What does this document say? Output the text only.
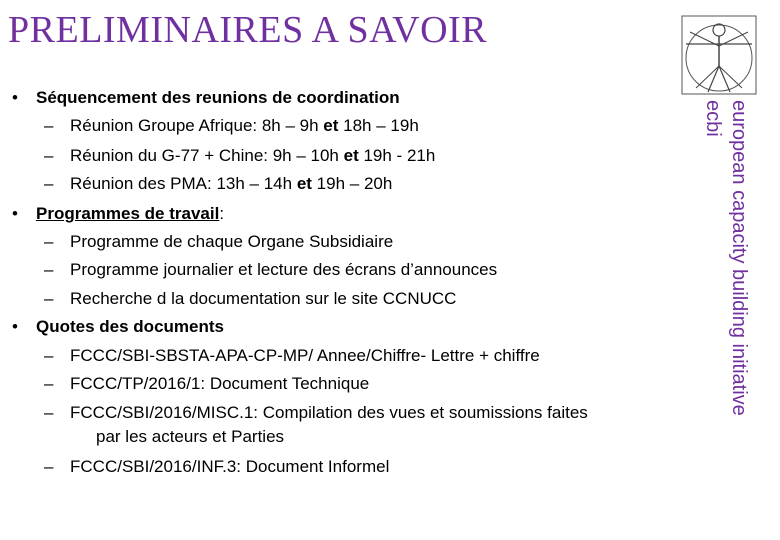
PRELIMINAIRES A SAVOIR
european capacity building initiative
ecbi
• Séquencement des reunions de coordination
– Réunion Groupe Afrique: 8h – 9h et 18h – 19h
– Réunion du G-77 + Chine: 9h – 10h et 19h - 21h
– Réunion des PMA: 13h – 14h et 19h – 20h
• Programmes de travail:
– Programme de chaque Organe Subsidiaire
– Programme journalier et lecture des écrans d’announces
– Recherche d la documentation sur le site CCNUCC
• Quotes des documents
– FCCC/SBI-SBSTA-APA-CP-MP/ Annee/Chiffre- Lettre + chiffre
– FCCC/TP/2016/1: Document Technique
– FCCC/SBI/2016/MISC.1: Compilation des vues et soumissions faites
par les acteurs et Parties
– FCCC/SBI/2016/INF.3: Document Informel
